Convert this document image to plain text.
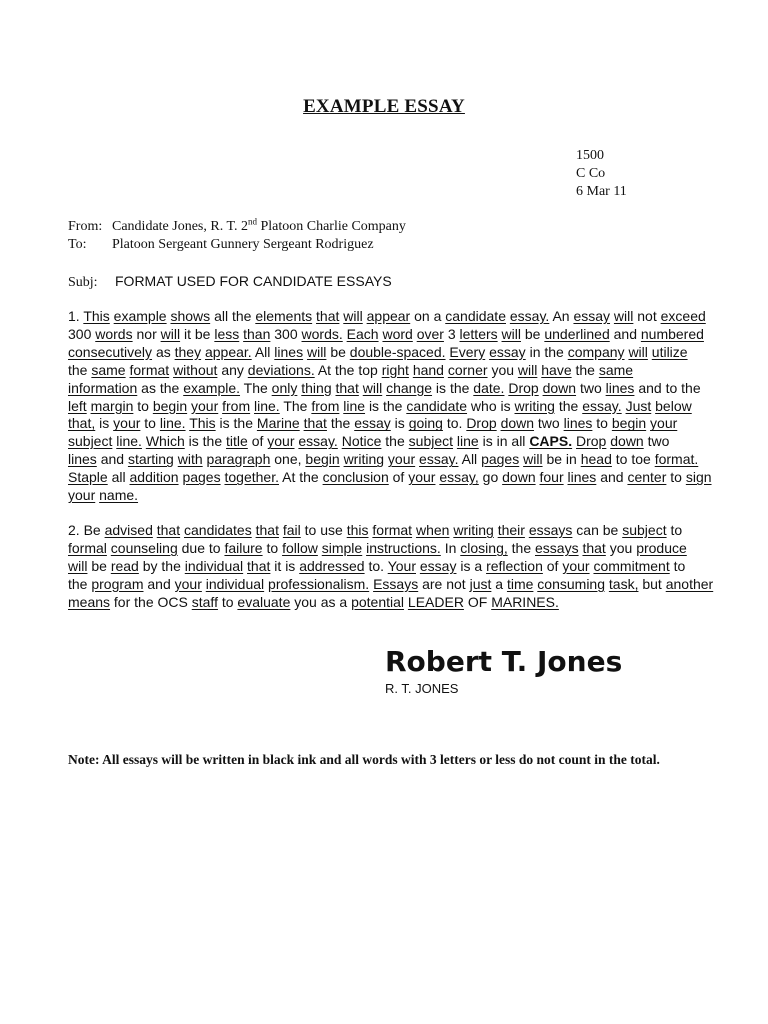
EXAMPLE ESSAY
1500
C Co
6 Mar 11
From: Candidate Jones, R. T. 2nd Platoon Charlie Company
To: Platoon Sergeant Gunnery Sergeant Rodriguez
Subj: FORMAT USED FOR CANDIDATE ESSAYS
1. This example shows all the elements that will appear on a candidate essay. An essay will not exceed
300 words nor will it be less than 300 words. Each word over 3 letters will be underlined and numbered
consecutively as they appear. All lines will be double-spaced. Every essay in the company will utilize
the same format without any deviations. At the top right hand corner you will have the same
information as the example. The only thing that will change is the date. Drop down two lines and to the
left margin to begin your from line. The from line is the candidate who is writing the essay. Just below
that, is your to line. This is the Marine that the essay is going to. Drop down two lines to begin your
subject line. Which is the title of your essay. Notice the subject line is in all CAPS. Drop down two
lines and starting with paragraph one, begin writing your essay. All pages will be in head to toe format.
Staple all addition pages together. At the conclusion of your essay, go down four lines and center to sign
your name.
2. Be advised that candidates that fail to use this format when writing their essays can be subject to
formal counseling due to failure to follow simple instructions. In closing, the essays that you produce
will be read by the individual that it is addressed to. Your essay is a reflection of your commitment to
the program and your individual professionalism. Essays are not just a time consuming task, but another
means for the OCS staff to evaluate you as a potential LEADER OF MARINES.
Robert T. Jones
R. T. JONES
Note: All essays will be written in black ink and all words with 3 letters or less do not count in the total.
